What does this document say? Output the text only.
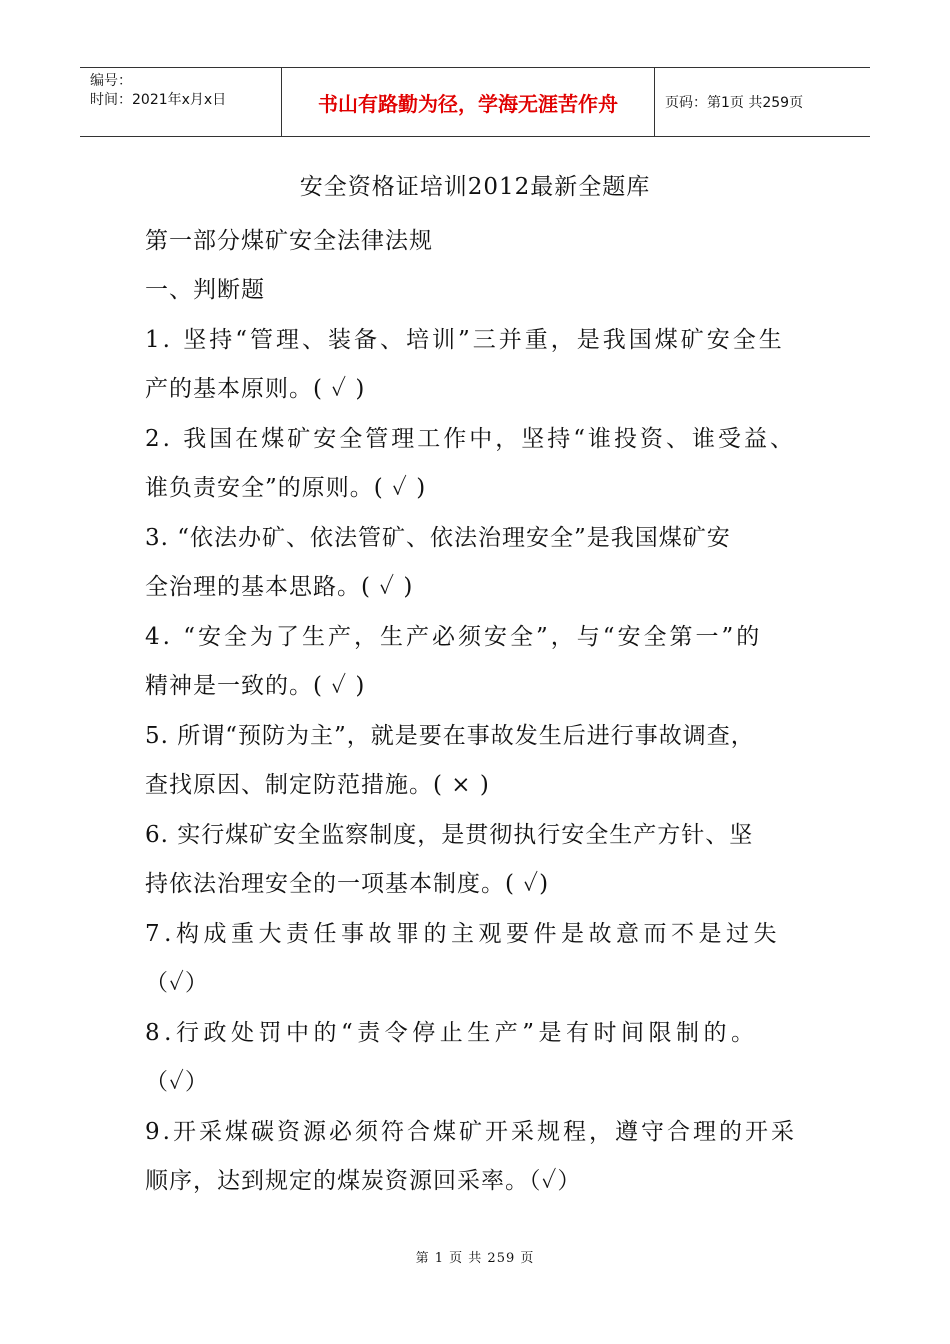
编号：
时间：2021年x月x日	书山有路勤为径，学海无涯苦作舟	页码：第1页 共259页
安全资格证培训2012最新全题库
第一部分煤矿安全法律法规
一、判断题
1. 坚持“管理、装备、培训”三并重，是我国煤矿安全生
产的基本原则。( ✓ )
2. 我国在煤矿安全管理工作中，坚持“谁投资、谁受益、
谁负责安全”的原则。( ✓ )
3. “依法办矿、依法管矿、依法治理安全”是我国煤矿安
全治理的基本思路。( ✓ )
4. “安全为了生产，生产必须安全”，与“安全第一”的
精神是一致的。( ✓ )
5. 所谓“预防为主”，就是要在事故发生后进行事故调查，
查找原因、制定防范措施。( × )
6. 实行煤矿安全监察制度，是贯彻执行安全生产方针、坚
持依法治理安全的一项基本制度。( ✓)
7.构成重大责任事故罪的主观要件是故意而不是过失
（✓）
8.行政处罚中的“责令停止生产”是有时间限制的。
（✓）
9.开采煤碳资源必须符合煤矿开采规程，遵守合理的开采
顺序，达到规定的煤炭资源回采率。（✓）
第 1 页 共 259 页
